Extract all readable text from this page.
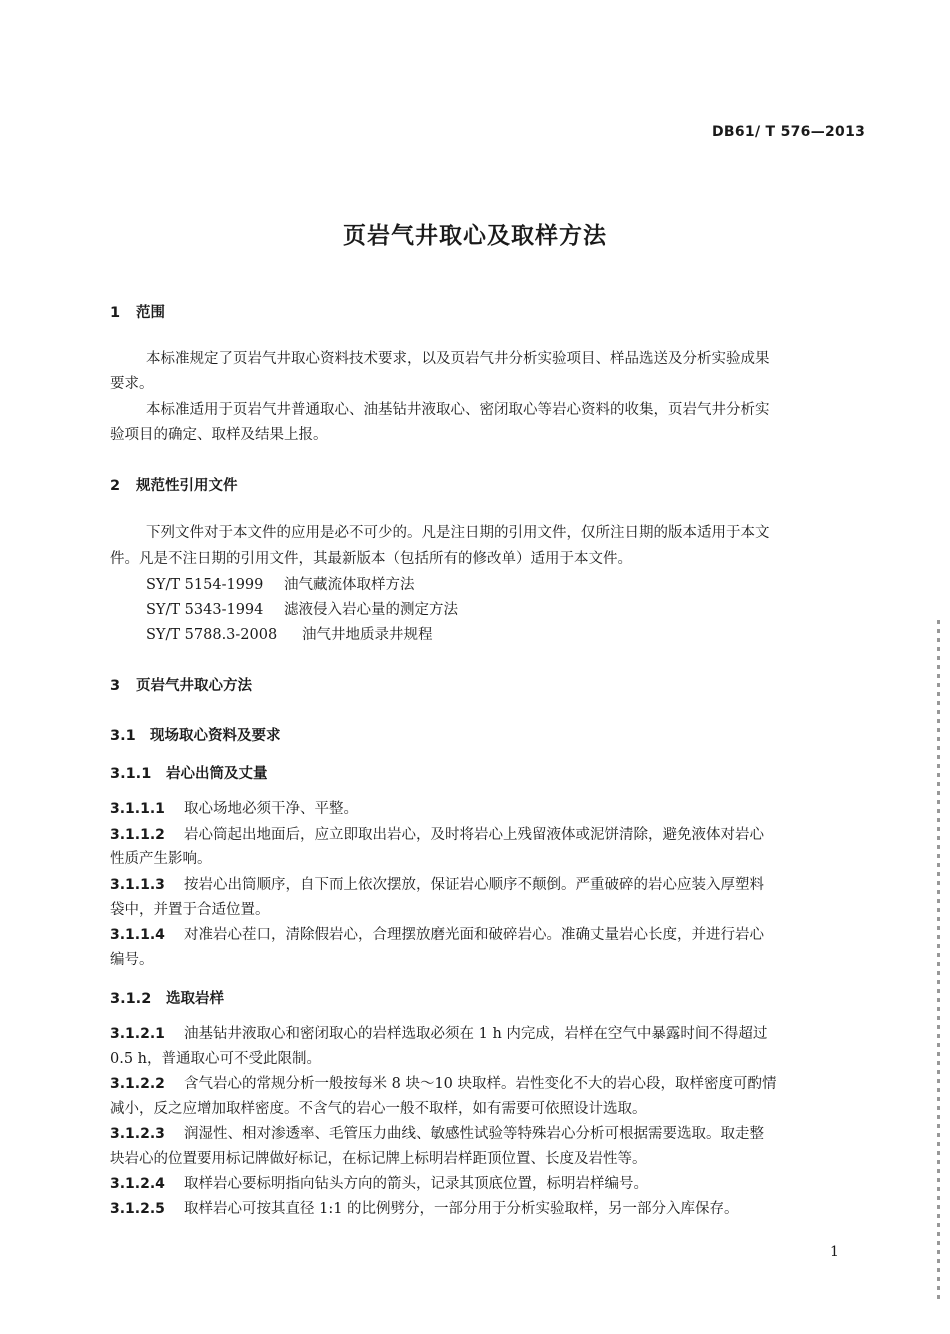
DB61/ T 576—2013
页岩气井取心及取样方法
1 范围
本标准规定了页岩气井取心资料技术要求，以及页岩气井分析实验项目、样品选送及分析实验成果
要求。
本标准适用于页岩气井普通取心、油基钻井液取心、密闭取心等岩心资料的收集，页岩气井分析实
验项目的确定、取样及结果上报。
2 规范性引用文件
下列文件对于本文件的应用是必不可少的。凡是注日期的引用文件，仅所注日期的版本适用于本文
件。凡是不注日期的引用文件，其最新版本（包括所有的修改单）适用于本文件。
SY/T 5154-1999 油气藏流体取样方法
SY/T 5343-1994 滤液侵入岩心量的测定方法
SY/T 5788.3-2008 油气井地质录井规程
3 页岩气井取心方法
3.1 现场取心资料及要求
3.1.1 岩心出筒及丈量
3.1.1.1 取心场地必须干净、平整。
3.1.1.2 岩心筒起出地面后，应立即取出岩心，及时将岩心上残留液体或泥饼清除，避免液体对岩心
性质产生影响。
3.1.1.3 按岩心出筒顺序，自下而上依次摆放，保证岩心顺序不颠倒。严重破碎的岩心应装入厚塑料
袋中，并置于合适位置。
3.1.1.4 对准岩心茬口，清除假岩心，合理摆放磨光面和破碎岩心。准确丈量岩心长度，并进行岩心
编号。
3.1.2 选取岩样
3.1.2.1 油基钻井液取心和密闭取心的岩样选取必须在 1 h 内完成，岩样在空气中暴露时间不得超过
0.5 h，普通取心可不受此限制。
3.1.2.2 含气岩心的常规分析一般按每米 8 块～10 块取样。岩性变化不大的岩心段，取样密度可酌情
减小，反之应增加取样密度。不含气的岩心一般不取样，如有需要可依照设计选取。
3.1.2.3 润湿性、相对渗透率、毛管压力曲线、敏感性试验等特殊岩心分析可根据需要选取。取走整
块岩心的位置要用标记牌做好标记，在标记牌上标明岩样距顶位置、长度及岩性等。
3.1.2.4 取样岩心要标明指向钻头方向的箭头，记录其顶底位置，标明岩样编号。
3.1.2.5 取样岩心可按其直径 1:1 的比例劈分，一部分用于分析实验取样，另一部分入库保存。
1
